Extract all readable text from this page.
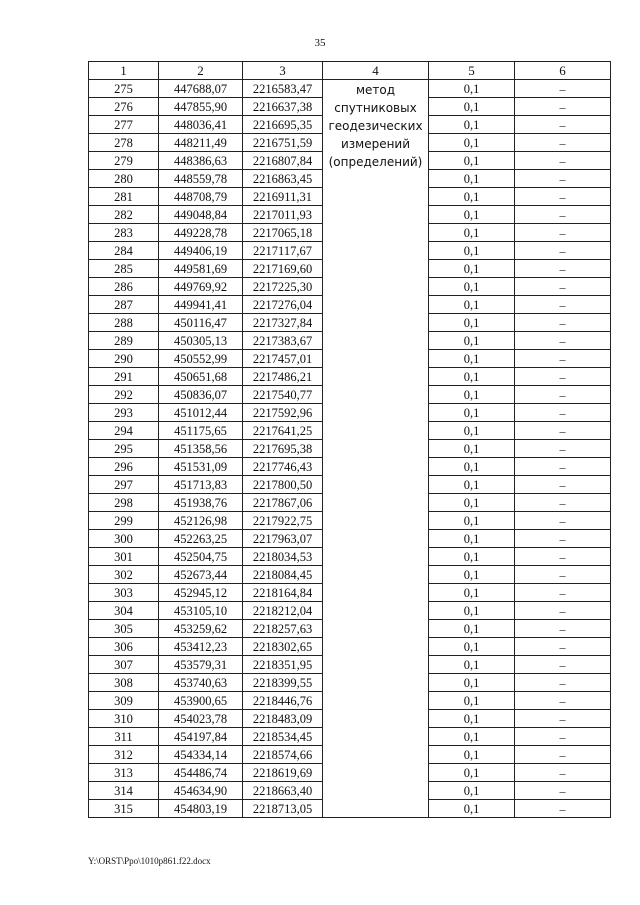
35
1	2	3	4	5	6
275	447688,07	2216583,47	метод
спутниковых
геодезических
измерений
(определений)	0,1	–
276	447855,90	2216637,38		0,1	–
277	448036,41	2216695,35		0,1	–
278	448211,49	2216751,59		0,1	–
279	448386,63	2216807,84		0,1	–
280	448559,78	2216863,45		0,1	–
281	448708,79	2216911,31		0,1	–
282	449048,84	2217011,93		0,1	–
283	449228,78	2217065,18		0,1	–
284	449406,19	2217117,67		0,1	–
285	449581,69	2217169,60		0,1	–
286	449769,92	2217225,30		0,1	–
287	449941,41	2217276,04		0,1	–
288	450116,47	2217327,84		0,1	–
289	450305,13	2217383,67		0,1	–
290	450552,99	2217457,01		0,1	–
291	450651,68	2217486,21		0,1	–
292	450836,07	2217540,77		0,1	–
293	451012,44	2217592,96		0,1	–
294	451175,65	2217641,25		0,1	–
295	451358,56	2217695,38		0,1	–
296	451531,09	2217746,43		0,1	–
297	451713,83	2217800,50		0,1	–
298	451938,76	2217867,06		0,1	–
299	452126,98	2217922,75		0,1	–
300	452263,25	2217963,07		0,1	–
301	452504,75	2218034,53		0,1	–
302	452673,44	2218084,45		0,1	–
303	452945,12	2218164,84		0,1	–
304	453105,10	2218212,04		0,1	–
305	453259,62	2218257,63		0,1	–
306	453412,23	2218302,65		0,1	–
307	453579,31	2218351,95		0,1	–
308	453740,63	2218399,55		0,1	–
309	453900,65	2218446,76		0,1	–
310	454023,78	2218483,09		0,1	–
311	454197,84	2218534,45		0,1	–
312	454334,14	2218574,66		0,1	–
313	454486,74	2218619,69		0,1	–
314	454634,90	2218663,40		0,1	–
315	454803,19	2218713,05		0,1	–
Y:\ORST\Ppo\1010p861.f22.docx
